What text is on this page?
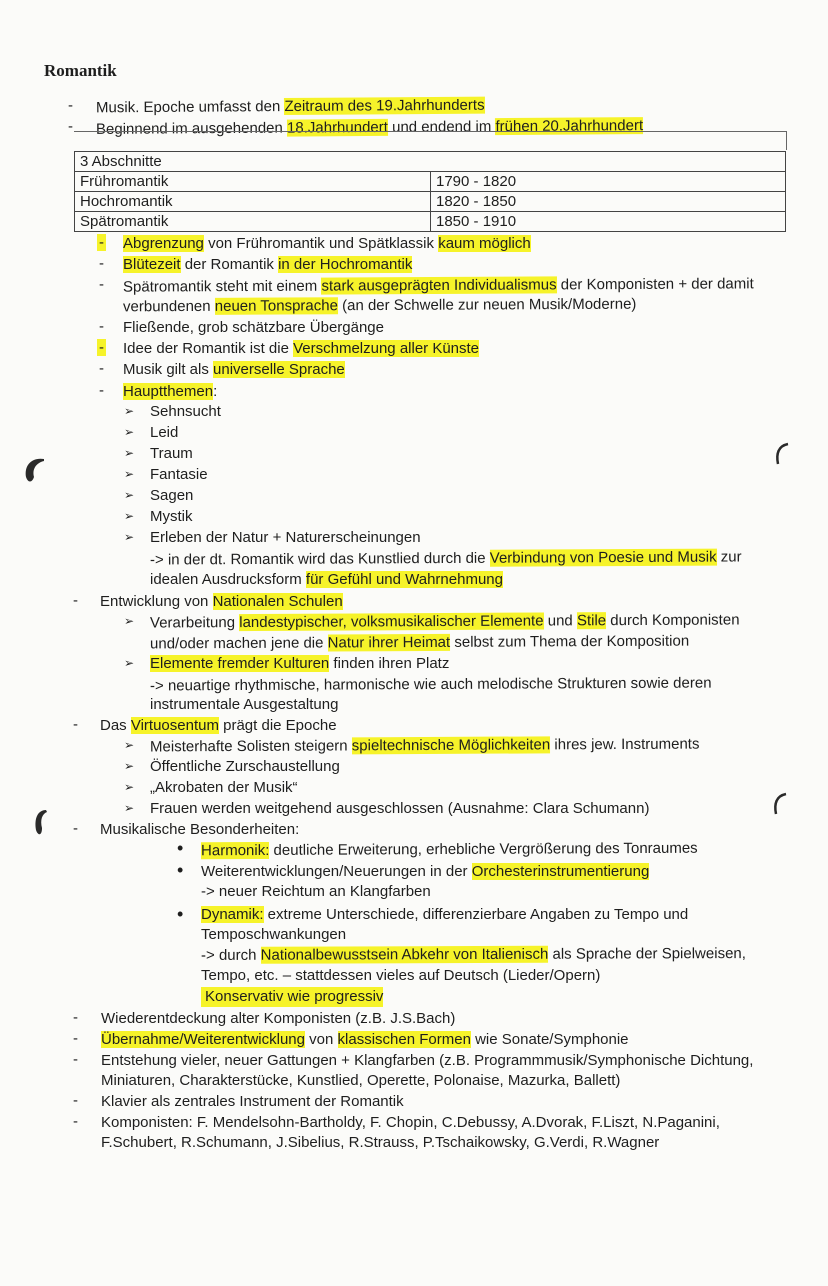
Romantik
- Musik. Epoche umfasst den Zeitraum des 19.Jahrhunderts
- Beginnend im ausgehenden 18.Jahrhundert und endend im frühen 20.Jahrhundert
3 Abschnitte	
Frühromantik	1790 - 1820
Hochromantik	1820 - 1850
Spätromantik	1850 - 1910
- Abgrenzung von Frühromantik und Spätklassik kaum möglich
- Blütezeit der Romantik in der Hochromantik
- Spätromantik steht mit einem stark ausgeprägten Individualismus der Komponisten + der damit
verbundenen neuen Tonsprache (an der Schwelle zur neuen Musik/Moderne)
- Fließende, grob schätzbare Übergänge
- Idee der Romantik ist die Verschmelzung aller Künste
- Musik gilt als universelle Sprache
- Hauptthemen:
➢ Sehnsucht
➢ Leid
➢ Traum
➢ Fantasie
➢ Sagen
➢ Mystik
➢ Erleben der Natur + Naturerscheinungen
-> in der dt. Romantik wird das Kunstlied durch die Verbindung von Poesie und Musik zur
idealen Ausdrucksform für Gefühl und Wahrnehmung
- Entwicklung von Nationalen Schulen
➢ Verarbeitung landestypischer, volksmusikalischer Elemente und Stile durch Komponisten
und/oder machen jene die Natur ihrer Heimat selbst zum Thema der Komposition
➢ Elemente fremder Kulturen finden ihren Platz
-> neuartige rhythmische, harmonische wie auch melodische Strukturen sowie deren
instrumentale Ausgestaltung
- Das Virtuosentum prägt die Epoche
➢ Meisterhafte Solisten steigern spieltechnische Möglichkeiten ihres jew. Instruments
➢ Öffentliche Zurschaustellung
➢ „Akrobaten der Musik“
➢ Frauen werden weitgehend ausgeschlossen (Ausnahme: Clara Schumann)
- Musikalische Besonderheiten:
• Harmonik: deutliche Erweiterung, erhebliche Vergrößerung des Tonraumes
• Weiterentwicklungen/Neuerungen in der Orchesterinstrumentierung
-> neuer Reichtum an Klangfarben
• Dynamik: extreme Unterschiede, differenzierbare Angaben zu Tempo und
Temposchwankungen
-> durch Nationalbewusstsein Abkehr von Italienisch als Sprache der Spielweisen,
Tempo, etc. – stattdessen vieles auf Deutsch (Lieder/Opern)
Konservativ wie progressiv
- Wiederentdeckung alter Komponisten (z.B. J.S.Bach)
- Übernahme/Weiterentwicklung von klassischen Formen wie Sonate/Symphonie
- Entstehung vieler, neuer Gattungen + Klangfarben (z.B. Programmmusik/Symphonische Dichtung,
Miniaturen, Charakterstücke, Kunstlied, Operette, Polonaise, Mazurka, Ballett)
- Klavier als zentrales Instrument der Romantik
- Komponisten: F. Mendelsohn-Bartholdy, F. Chopin, C.Debussy, A.Dvorak, F.Liszt, N.Paganini,
F.Schubert, R.Schumann, J.Sibelius, R.Strauss, P.Tschaikowsky, G.Verdi, R.Wagner
